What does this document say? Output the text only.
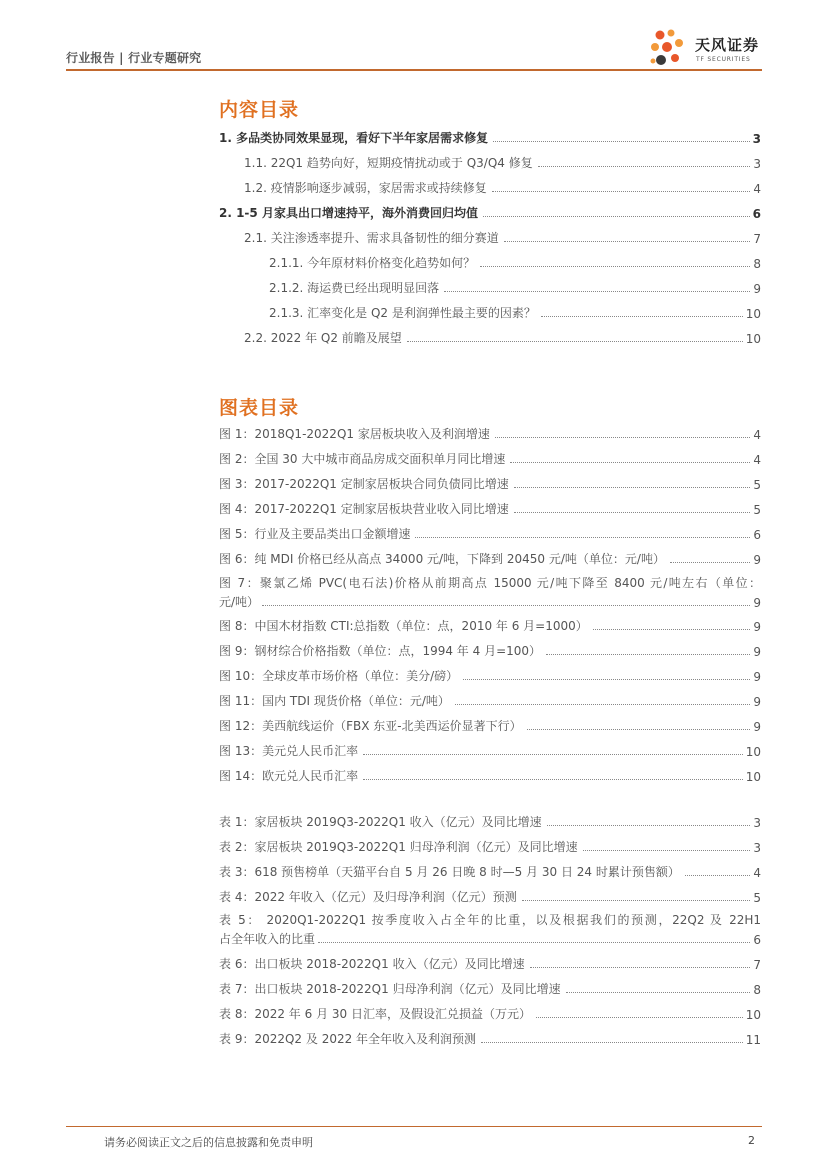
行业报告 | 行业专题研究
天风证券
TF SECURITIES
内容目录
1. 多品类协同效果显现，看好下半年家居需求修复	3
1.1. 22Q1 趋势向好，短期疫情扰动或于 Q3/Q4 修复	3
1.2. 疫情影响逐步减弱，家居需求或持续修复	4
2. 1-5 月家具出口增速持平，海外消费回归均值	6
2.1. 关注渗透率提升、需求具备韧性的细分赛道	7
2.1.1. 今年原材料价格变化趋势如何？	8
2.1.2. 海运费已经出现明显回落	9
2.1.3. 汇率变化是 Q2 是利润弹性最主要的因素？	10
2.2. 2022 年 Q2 前瞻及展望	10
图表目录
图 1：2018Q1-2022Q1 家居板块收入及利润增速	4
图 2：全国 30 大中城市商品房成交面积单月同比增速	4
图 3：2017-2022Q1 定制家居板块合同负债同比增速	5
图 4：2017-2022Q1 定制家居板块营业收入同比增速	5
图 5：行业及主要品类出口金额增速	6
图 6：纯 MDI 价格已经从高点 34000 元/吨，下降到 20450 元/吨（单位：元/吨）	9
图 7：聚氯乙烯 PVC(电石法)价格从前期高点 15000 元/吨下降至 8400 元/吨左右（单位：
元/吨）	9
图 8：中国木材指数 CTI:总指数（单位：点，2010 年 6 月=1000）	9
图 9：钢材综合价格指数（单位：点，1994 年 4 月=100）	9
图 10：全球皮革市场价格（单位：美分/磅）	9
图 11：国内 TDI 现货价格（单位：元/吨）	9
图 12：美西航线运价（FBX 东亚-北美西运价显著下行）	9
图 13：美元兑人民币汇率	10
图 14：欧元兑人民币汇率	10
表 1：家居板块 2019Q3-2022Q1 收入（亿元）及同比增速	3
表 2：家居板块 2019Q3-2022Q1 归母净利润（亿元）及同比增速	3
表 3：618 预售榜单（天猫平台自 5 月 26 日晚 8 时—5 月 30 日 24 时累计预售额）	4
表 4：2022 年收入（亿元）及归母净利润（亿元）预测	5
表 5： 2020Q1-2022Q1 按季度收入占全年的比重，以及根据我们的预测，22Q2 及 22H1
占全年收入的比重	6
表 6：出口板块 2018-2022Q1 收入（亿元）及同比增速	7
表 7：出口板块 2018-2022Q1 归母净利润（亿元）及同比增速	8
表 8：2022 年 6 月 30 日汇率，及假设汇兑损益（万元）	10
表 9：2022Q2 及 2022 年全年收入及利润预测	11
请务必阅读正文之后的信息披露和免责申明	2
